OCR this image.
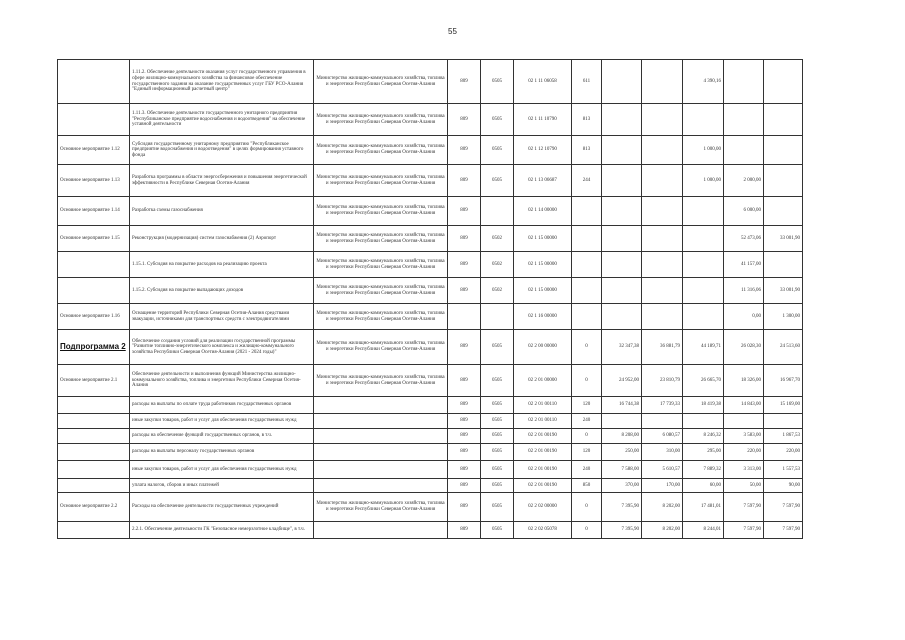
55
	1.11.2. Обеспечение деятельности оказания услуг государственного управления в сфере жилищно-коммунального хозяйства за финансовое обеспечение государственного задания на оказание государственных услуг ГБУ РСО-Алания "Единый информационный расчетный центр"	Министерство жилищно-коммунального хозяйства, топлива и энергетики Республики Северная Осетия-Алания	809	0505	02 1 11 06058	611			4 390,16		
	1.11.3. Обеспечение деятельности государственного унитарного предприятия "Республиканское предприятие водоснабжения и водоотведения" на обеспечение уставной деятельности	Министерство жилищно-коммунального хозяйства, топлива и энергетики Республики Северная Осетия-Алания	809	0505	02 1 11 10790	813					
Основное мероприятие 1.12	Субсидия государственному унитарному предприятию "Республиканское предприятие водоснабжения и водоотведения" в целях формирования уставного фонда	Министерство жилищно-коммунального хозяйства, топлива и энергетики Республики Северная Осетия-Алания	809	0505	02 1 12 10790	813			1 000,00		
Основное мероприятие 1.13	Разработка программы в области энергосбережения и повышения энергетической эффективности в Республике Северная Осетия-Алания	Министерство жилищно-коммунального хозяйства, топлива и энергетики Республики Северная Осетия-Алания	809	0505	02 1 13 06687	244			1 000,00	2 000,00	
Основное мероприятие 1.14	Разработка схемы газоснабжения	Министерство жилищно-коммунального хозяйства, топлива и энергетики Республики Северная Осетия-Алания	809		02 1 14 00000					6 000,00	
Основное мероприятие 1.15	Реконструкция (модернизация) систем газоснабжения (2) Аэропорт	Министерство жилищно-коммунального хозяйства, топлива и энергетики Республики Северная Осетия-Алания	809	0502	02 1 15 00000					52 473,06	33 001,90
	1.15.1. Субсидия на покрытие расходов на реализацию проекта	Министерство жилищно-коммунального хозяйства, топлива и энергетики Республики Северная Осетия-Алания	809	0502	02 1 15 00000					41 157,00	
	1.15.2. Субсидия на покрытие выпадающих доходов	Министерство жилищно-коммунального хозяйства, топлива и энергетики Республики Северная Осетия-Алания	809	0502	02 1 15 00000					11 316,06	33 001,90
Основное мероприятие 1.16	Оснащение территорий Республики Северная Осетия-Алания средствами эвакуации, источниками для транспортных средств с электродвигателями	Министерство жилищно-коммунального хозяйства, топлива и энергетики Республики Северная Осетия-Алания			02 1 16 00000					0,00	1 300,00
Подпрограмма 2	Обеспечение создания условий для реализации государственной программы "Развитие топливно-энергетического комплекса и жилищно-коммунального хозяйства Республики Северная Осетия-Алания (2021 - 2024 годы)"	Министерство жилищно-коммунального хозяйства, топлива и энергетики Республики Северная Осетия-Алания	809	0505	02 2 00 00000	0	32 347,38	36 881,79	44 189,71	26 028,30	24 513,60
Основное мероприятие 2.1	Обеспечение деятельности и выполнения функций Министерства жилищно-коммунального хозяйства, топлива и энергетики Республики Северная Осетия-Алания	Министерство жилищно-коммунального хозяйства, топлива и энергетики Республики Северная Осетия-Алания	809	0505	02 2 01 00000	0	24 952,00	23 810,79	26 665,70	18 326,00	16 967,70
	расходы на выплаты по оплате труда работников государственных органов		809	0505	02 2 01 00110	120	16 744,38	17 739,33	18 419,38	14 843,00	15 169,00
	иные закупки товаров, работ и услуг для обеспечения государственных нужд		809	0505	02 2 01 00110	240					
	расходы на обеспечение функций государственных органов, в т.ч.		809	0505	02 2 01 00190	0	8 208,00	6 080,57	8 246,32	3 583,00	1 867,53
	расходы на выплаты персоналу государственных органов		809	0505	02 2 01 00190	120	250,00	310,00	295,00	220,00	220,00
	иные закупки товаров, работ и услуг для обеспечения государственных нужд		809	0505	02 2 01 00190	240	7 588,00	5 610,57	7 889,32	3 313,00	1 557,53
	уплата налогов, сборов и иных платежей		809	0505	02 2 01 00190	850	370,00	170,00	60,00	50,00	90,00
Основное мероприятие 2.2	Расходы на обеспечение деятельности государственных учреждений	Министерство жилищно-коммунального хозяйства, топлива и энергетики Республики Северная Осетия-Алания	809	0505	02 2 02 00000	0	7 395,90	8 202,00	17 481,01	7 597,90	7 597,90
	2.2.1. Обеспечение деятельности ГК "Безопасное немерзлотное кладбище", в т.ч.		809	0505	02 2 02 05078	0	7 395,90	8 202,00	8 244,01	7 597,90	7 597,90
